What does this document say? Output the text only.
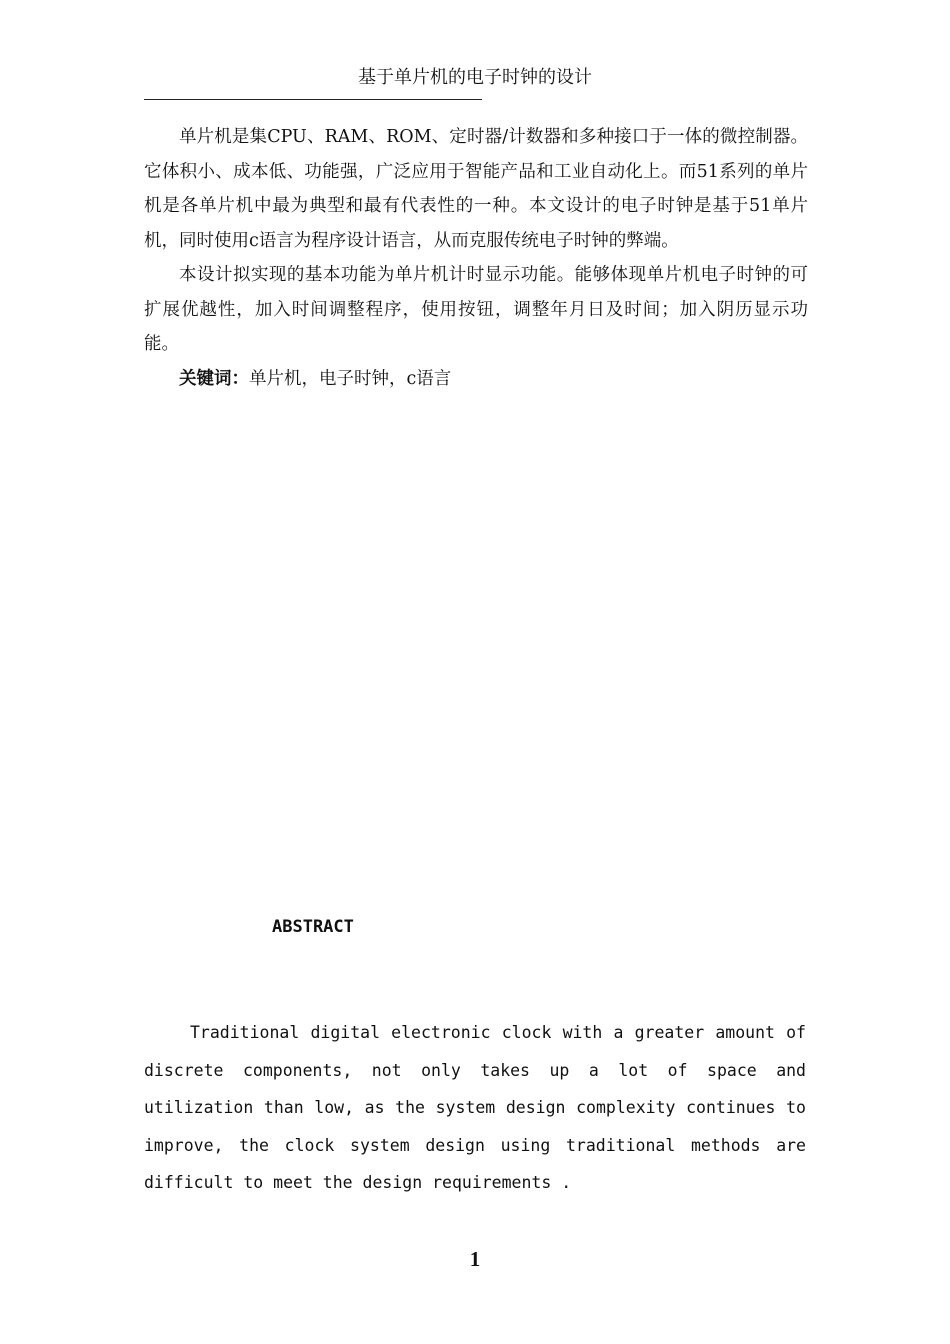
基于单片机的电子时钟的设计

单片机是集CPU、RAM、ROM、定时器/计数器和多种接口于一体的微控制器。它体积小、成本低、功能强，广泛应用于智能产品和工业自动化上。而51系列的单片机是各单片机中最为典型和最有代表性的一种。本文设计的电子时钟是基于51单片机，同时使用c语言为程序设计语言，从而克服传统电子时钟的弊端。

本设计拟实现的基本功能为单片机计时显示功能。能够体现单片机电子时钟的可扩展优越性，加入时间调整程序，使用按钮，调整年月日及时间；加入阴历显示功能。

关键词：单片机，电子时钟，c语言

ABSTRACT

Traditional digital electronic clock with a greater amount of discrete components, not only takes up a lot of space and utilization than low, as the system design complexity continues to improve, the clock system design using traditional methods are difficult to meet the design requirements .

1
